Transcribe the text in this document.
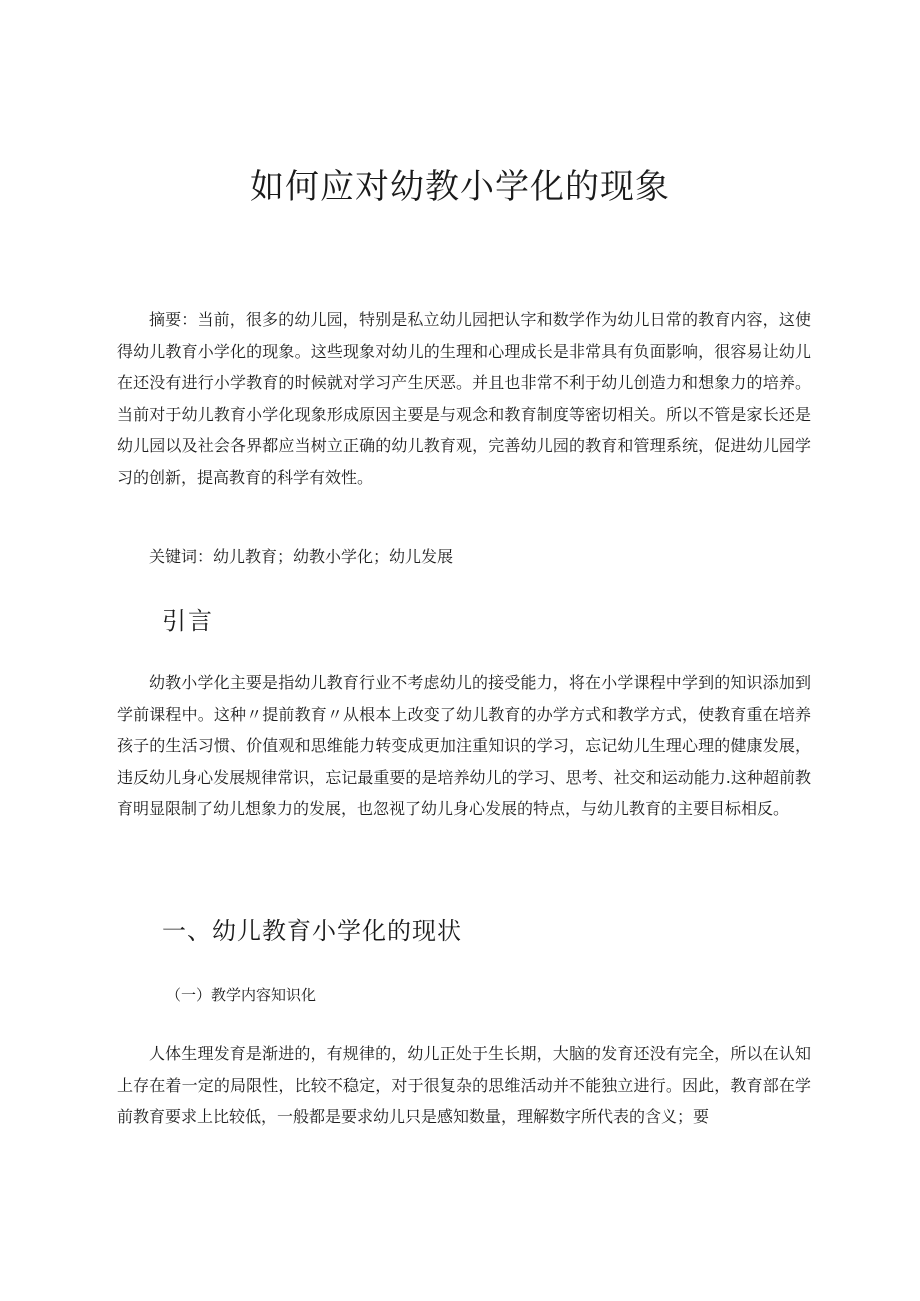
如何应对幼教小学化的现象

摘要：当前，很多的幼儿园，特别是私立幼儿园把认字和数学作为幼儿日常的教育内容，这使得幼儿教育小学化的现象。这些现象对幼儿的生理和心理成长是非常具有负面影响，很容易让幼儿在还没有进行小学教育的时候就对学习产生厌恶。并且也非常不利于幼儿创造力和想象力的培养。当前对于幼儿教育小学化现象形成原因主要是与观念和教育制度等密切相关。所以不管是家长还是幼儿园以及社会各界都应当树立正确的幼儿教育观，完善幼儿园的教育和管理系统，促进幼儿园学习的创新，提高教育的科学有效性。

关键词：幼儿教育；幼教小学化；幼儿发展

引言

幼教小学化主要是指幼儿教育行业不考虑幼儿的接受能力，将在小学课程中学到的知识添加到学前课程中。这种〃提前教育〃从根本上改变了幼儿教育的办学方式和教学方式，使教育重在培养孩子的生活习惯、价值观和思维能力转变成更加注重知识的学习，忘记幼儿生理心理的健康发展，违反幼儿身心发展规律常识，忘记最重要的是培养幼儿的学习、思考、社交和运动能力.这种超前教育明显限制了幼儿想象力的发展，也忽视了幼儿身心发展的特点，与幼儿教育的主要目标相反。

一、幼儿教育小学化的现状
（一）教学内容知识化

人体生理发育是渐进的，有规律的，幼儿正处于生长期，大脑的发育还没有完全，所以在认知上存在着一定的局限性，比较不稳定，对于很复杂的思维活动并不能独立进行。因此，教育部在学前教育要求上比较低，一般都是要求幼儿只是感知数量，理解数字所代表的含义；要
